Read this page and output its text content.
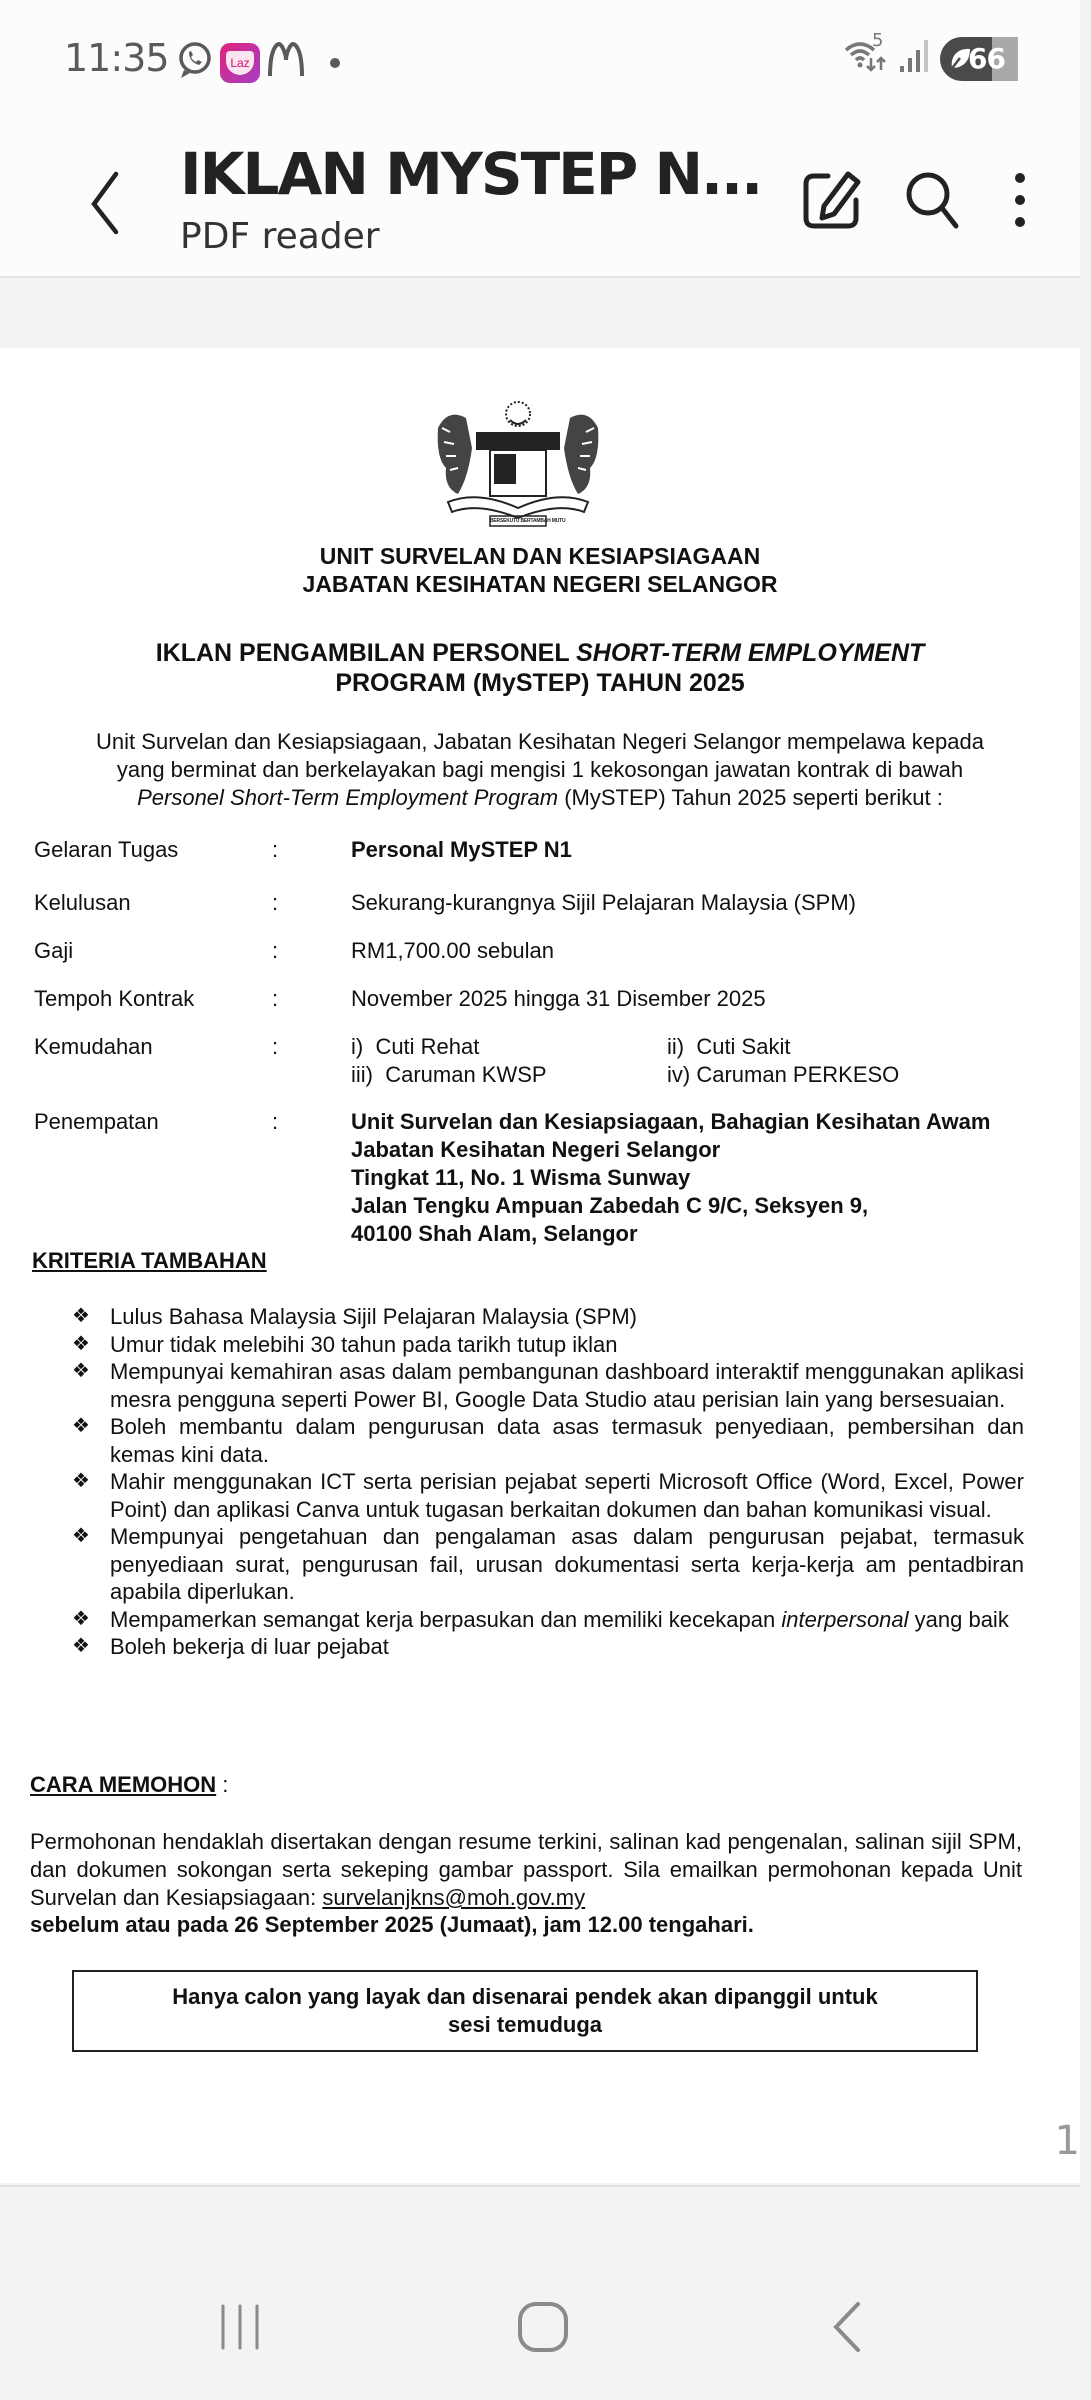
11:35	Laz
5
66
IKLAN MYSTEP N...
PDF reader
BERSEKUTU BERTAMBAH MUTU
UNIT SURVELAN DAN KESIAPSIAGAAN
JABATAN KESIHATAN NEGERI SELANGOR
IKLAN PENGAMBILAN PERSONEL SHORT-TERM EMPLOYMENT
PROGRAM (MySTEP) TAHUN 2025
Unit Survelan dan Kesiapsiagaan, Jabatan Kesihatan Negeri Selangor mempelawa kepada
yang berminat dan berkelayakan bagi mengisi 1 kekosongan jawatan kontrak di bawah
Personel Short-Term Employment Program (MySTEP) Tahun 2025 seperti berikut :
Gelaran Tugas	:	Personal MySTEP N1
Kelulusan	:	Sekurang-kurangnya Sijil Pelajaran Malaysia (SPM)
Gaji	:	RM1,700.00 sebulan
Tempoh Kontrak	:	November 2025 hingga 31 Disember 2025
Kemudahan	:	i)  Cuti Rehat	ii)  Cuti Sakit
iii)  Caruman KWSP	iv) Caruman PERKESO
Penempatan	:	Unit Survelan dan Kesiapsiagaan, Bahagian Kesihatan Awam
Jabatan Kesihatan Negeri Selangor
Tingkat 11, No. 1 Wisma Sunway
Jalan Tengku Ampuan Zabedah C 9/C, Seksyen 9,
40100 Shah Alam, Selangor
KRITERIA TAMBAHAN
❖ Lulus Bahasa Malaysia Sijil Pelajaran Malaysia (SPM)
❖ Umur tidak melebihi 30 tahun pada tarikh tutup iklan
❖ Mempunyai kemahiran asas dalam pembangunan dashboard interaktif menggunakan aplikasi mesra pengguna seperti Power BI, Google Data Studio atau perisian lain yang bersesuaian.
❖ Boleh membantu dalam pengurusan data asas termasuk penyediaan, pembersihan dan kemas kini data.
❖ Mahir menggunakan ICT serta perisian pejabat seperti Microsoft Office (Word, Excel, Power Point) dan aplikasi Canva untuk tugasan berkaitan dokumen dan bahan komunikasi visual.
❖ Mempunyai pengetahuan dan pengalaman asas dalam pengurusan pejabat, termasuk penyediaan surat, pengurusan fail, urusan dokumentasi serta kerja-kerja am pentadbiran apabila diperlukan.
❖ Mempamerkan semangat kerja berpasukan dan memiliki kecekapan interpersonal yang baik
❖ Boleh bekerja di luar pejabat
CARA MEMOHON :
Permohonan hendaklah disertakan dengan resume terkini, salinan kad pengenalan, salinan sijil SPM, dan dokumen sokongan serta sekeping gambar passport. Sila emailkan permohonan kepada Unit Survelan dan Kesiapsiagaan: survelanjkns@moh.gov.my
sebelum atau pada 26 September 2025 (Jumaat), jam 12.00 tengahari.
Hanya calon yang layak dan disenarai pendek akan dipanggil untuk
sesi temuduga
1
